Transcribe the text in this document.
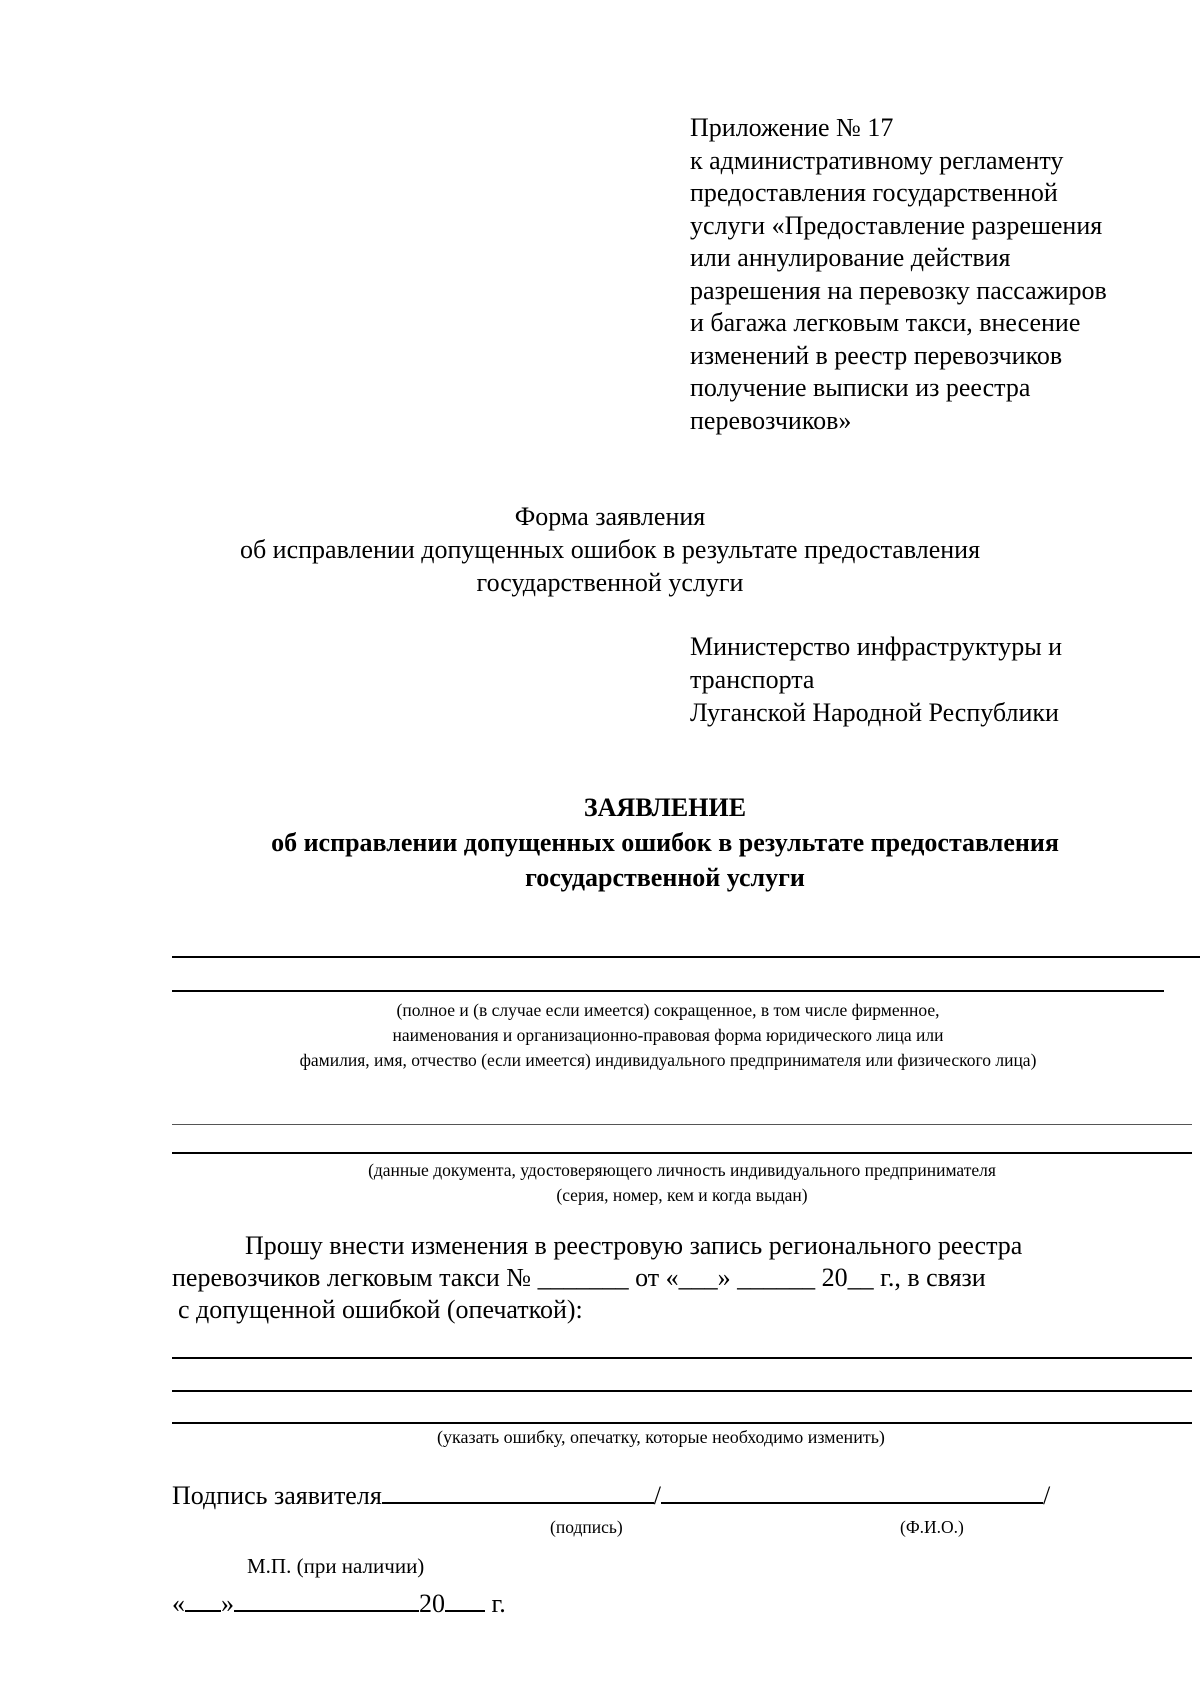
Приложение № 17
к административному регламенту
предоставления государственной
услуги «Предоставление разрешения
или аннулирование действия
разрешения на перевозку пассажиров
и багажа легковым такси, внесение
изменений в реестр перевозчиков
получение выписки из реестра
перевозчиков»
Форма заявления
об исправлении допущенных ошибок в результате предоставления
государственной услуги
Министерство инфраструктуры и
транспорта
Луганской Народной Республики
ЗАЯВЛЕНИЕ
об исправлении допущенных ошибок в результате предоставления
государственной услуги
(полное и (в случае если имеется) сокращенное, в том числе фирменное,
наименования и организационно-правовая форма юридического лица или
фамилия, имя, отчество (если имеется) индивидуального предпринимателя или физического лица)
(данные документа, удостоверяющего личность индивидуального предпринимателя
(серия, номер, кем и когда выдан)
Прошу внести изменения в реестровую запись регионального реестра
перевозчиков легковым такси № _______ от «___» ______ 20__ г., в связи
с допущенной ошибкой (опечаткой):
(указать ошибку, опечатку, которые необходимо изменить)
Подпись заявителя	/	/
(подпись)	(Ф.И.О.)
М.П. (при наличии)
« »	20 г.
